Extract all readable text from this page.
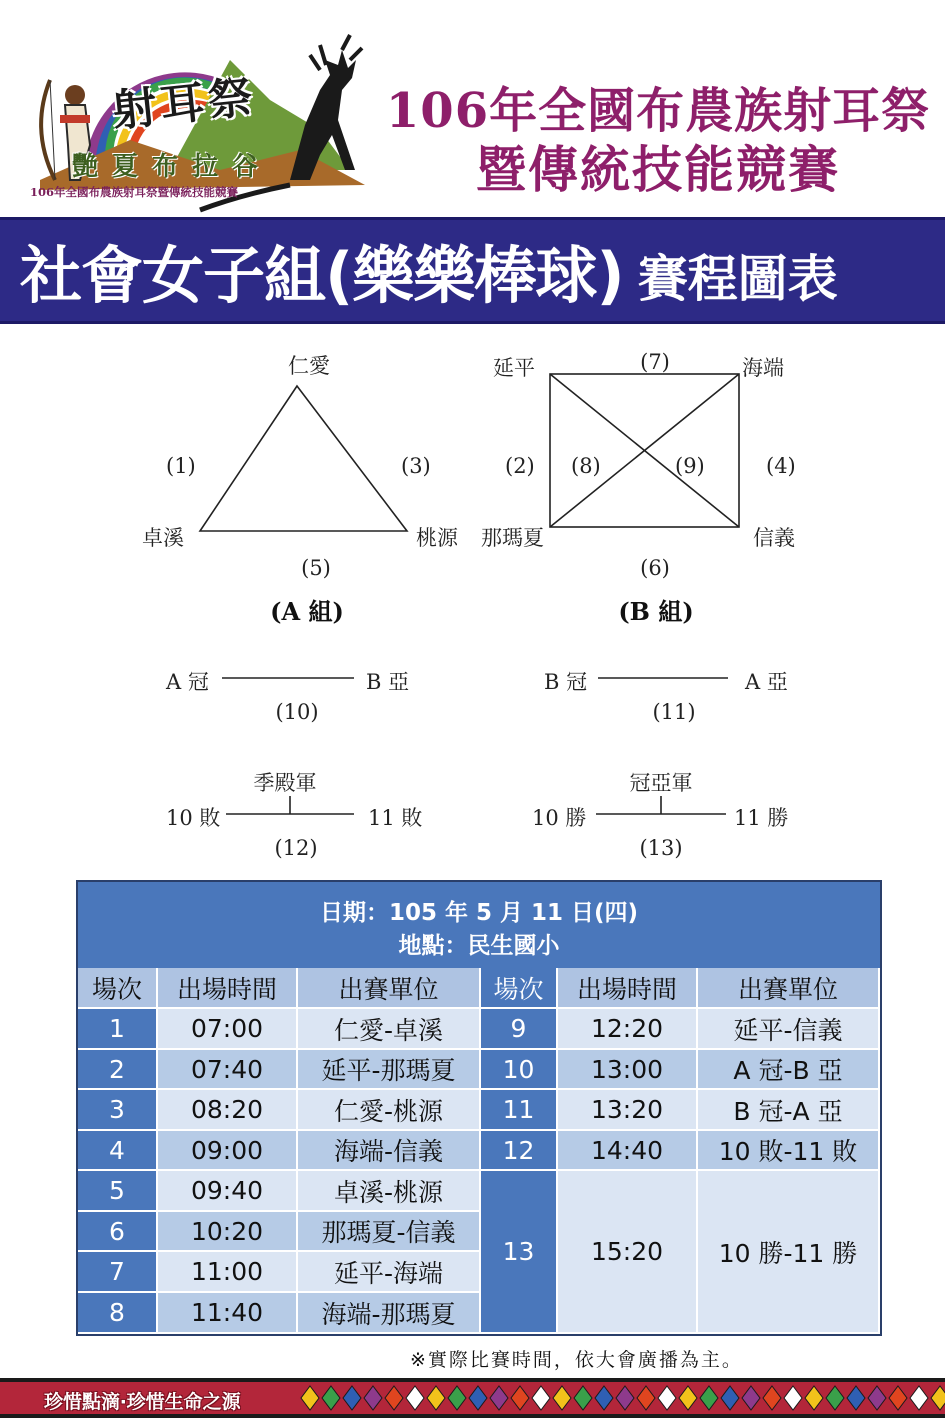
射耳祭
艷夏布拉谷
106年全國布農族射耳祭暨傳統技能競賽
106年全國布農族射耳祭
暨傳統技能競賽
社會女子組(樂樂棒球) 賽程圖表
仁愛
卓溪	桃源
(1)	(3)
(5)
(A 組)
延平	海端
那瑪夏	信義
(7)
(2) (8)	(9)	(4)
(6)
(B 組)
A 冠	B 亞
(10)
B 冠	A 亞
(11)
季殿軍
10 敗	11 敗
(12)
冠亞軍
10 勝	11 勝
(13)
日期：105 年 5 月 11 日(四)
地點：民生國小
場次	出場時間	出賽單位	場次	出場時間	出賽單位
1	07:00	仁愛-卓溪
2	07:40	延平-那瑪夏
3	08:20	仁愛-桃源
4	09:00	海端-信義
5	09:40	卓溪-桃源
6	10:20	那瑪夏-信義
7	11:00	延平-海端
8	11:40	海端-那瑪夏
9	12:20	延平-信義
10	13:00	A 冠-B 亞
11	13:20	B 冠-A 亞
12	14:40	10 敗-11 敗
13	15:20	10 勝-11 勝
※實際比賽時間，依大會廣播為主。
珍惜點滴‧珍惜生命之源
